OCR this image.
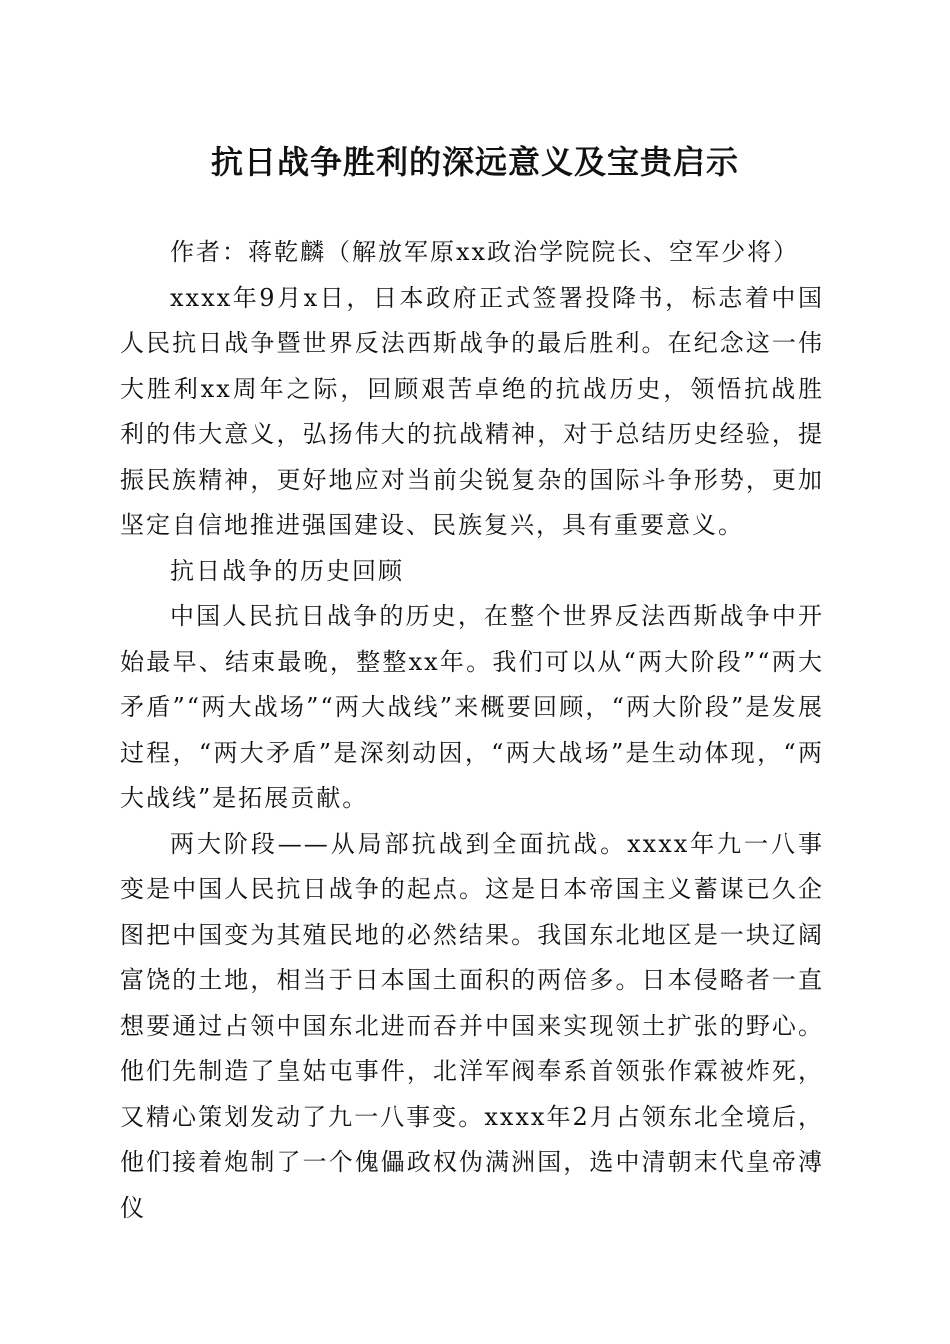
抗日战争胜利的深远意义及宝贵启示

作者：蒋乾麟（解放军原xx政治学院院长、空军少将）

xxxx年9月x日，日本政府正式签署投降书，标志着中国人民抗日战争暨世界反法西斯战争的最后胜利。在纪念这一伟大胜利xx周年之际，回顾艰苦卓绝的抗战历史，领悟抗战胜利的伟大意义，弘扬伟大的抗战精神，对于总结历史经验，提振民族精神，更好地应对当前尖锐复杂的国际斗争形势，更加坚定自信地推进强国建设、民族复兴，具有重要意义。

抗日战争的历史回顾

中国人民抗日战争的历史，在整个世界反法西斯战争中开始最早、结束最晚，整整xx年。我们可以从“两大阶段”“两大矛盾”“两大战场”“两大战线”来概要回顾，“两大阶段”是发展过程，“两大矛盾”是深刻动因，“两大战场”是生动体现，“两大战线”是拓展贡献。

两大阶段——从局部抗战到全面抗战。xxxx年九一八事变是中国人民抗日战争的起点。这是日本帝国主义蓄谋已久企图把中国变为其殖民地的必然结果。我国东北地区是一块辽阔富饶的土地，相当于日本国土面积的两倍多。日本侵略者一直想要通过占领中国东北进而吞并中国来实现领土扩张的野心。他们先制造了皇姑屯事件，北洋军阀奉系首领张作霖被炸死，又精心策划发动了九一八事变。xxxx年2月占领东北全境后，他们接着炮制了一个傀儡政权伪满洲国，选中清朝末代皇帝溥仪
